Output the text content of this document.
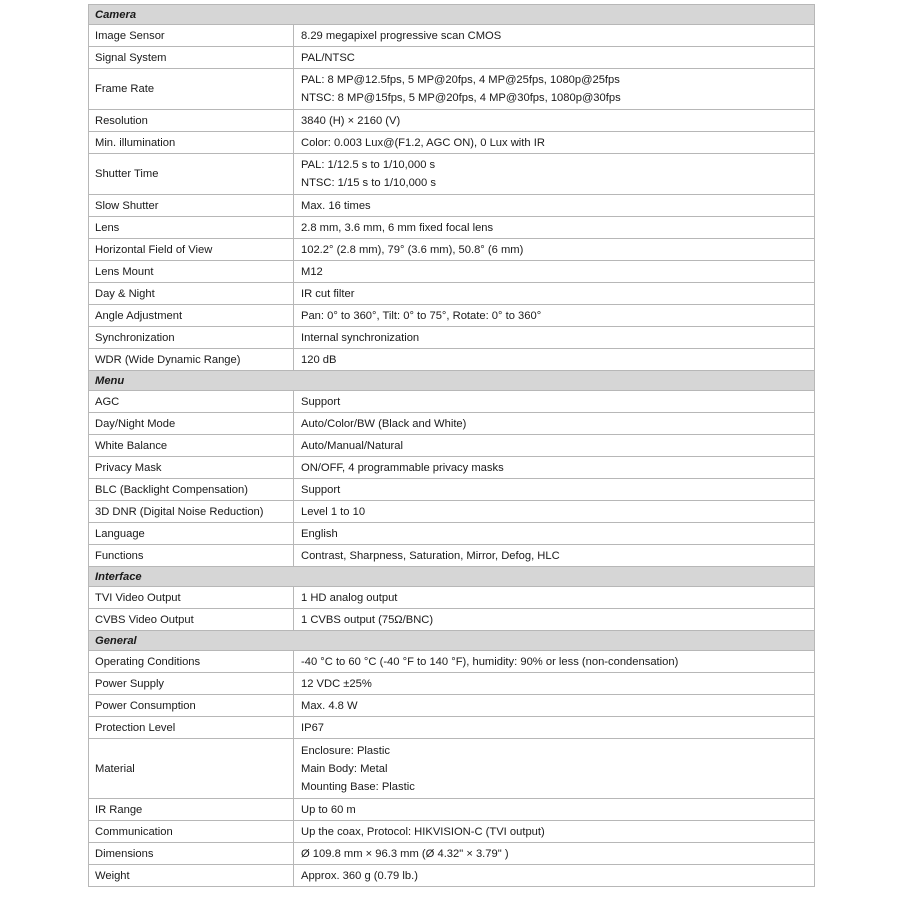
Camera	
Image Sensor	8.29 megapixel progressive scan CMOS

Signal System	PAL/NTSC

Frame Rate	PAL: 8 MP@12.5fps, 5 MP@20fps, 4 MP@25fps, 1080p@25fps
NTSC: 8 MP@15fps, 5 MP@20fps, 4 MP@30fps, 1080p@30fps

Resolution	3840 (H) × 2160 (V)

Min. illumination	Color: 0.003 Lux@(F1.2, AGC ON), 0 Lux with IR

Shutter Time	PAL: 1/12.5 s to 1/10,000 s
NTSC: 1/15 s to 1/10,000 s

Slow Shutter	Max. 16 times

Lens	2.8 mm, 3.6 mm, 6 mm fixed focal lens

Horizontal Field of View	102.2° (2.8 mm), 79° (3.6 mm), 50.8° (6 mm)

Lens Mount	M12

Day & Night	IR cut filter

Angle Adjustment	Pan: 0° to 360°, Tilt: 0° to 75°, Rotate: 0° to 360°

Synchronization	Internal synchronization

WDR (Wide Dynamic Range)	120 dB

Menu	
AGC	Support

Day/Night Mode	Auto/Color/BW (Black and White)

White Balance	Auto/Manual/Natural

Privacy Mask	ON/OFF, 4 programmable privacy masks

BLC (Backlight Compensation)	Support

3D DNR (Digital Noise Reduction)	Level 1 to 10

Language	English

Functions	Contrast, Sharpness, Saturation, Mirror, Defog, HLC

Interface	
TVI Video Output	1 HD analog output

CVBS Video Output	1 CVBS output (75Ω/BNC)

General	
Operating Conditions	-40 °C to 60 °C (-40 °F to 140 °F), humidity: 90% or less (non-condensation)

Power Supply	12 VDC ±25%

Power Consumption	Max. 4.8 W

Protection Level	IP67

Material	Enclosure: Plastic
Main Body: Metal
Mounting Base: Plastic

IR Range	Up to 60 m

Communication	Up the coax, Protocol: HIKVISION-C (TVI output)

Dimensions	Ø 109.8 mm × 96.3 mm (Ø 4.32" × 3.79" )

Weight	Approx. 360 g (0.79 lb.)
